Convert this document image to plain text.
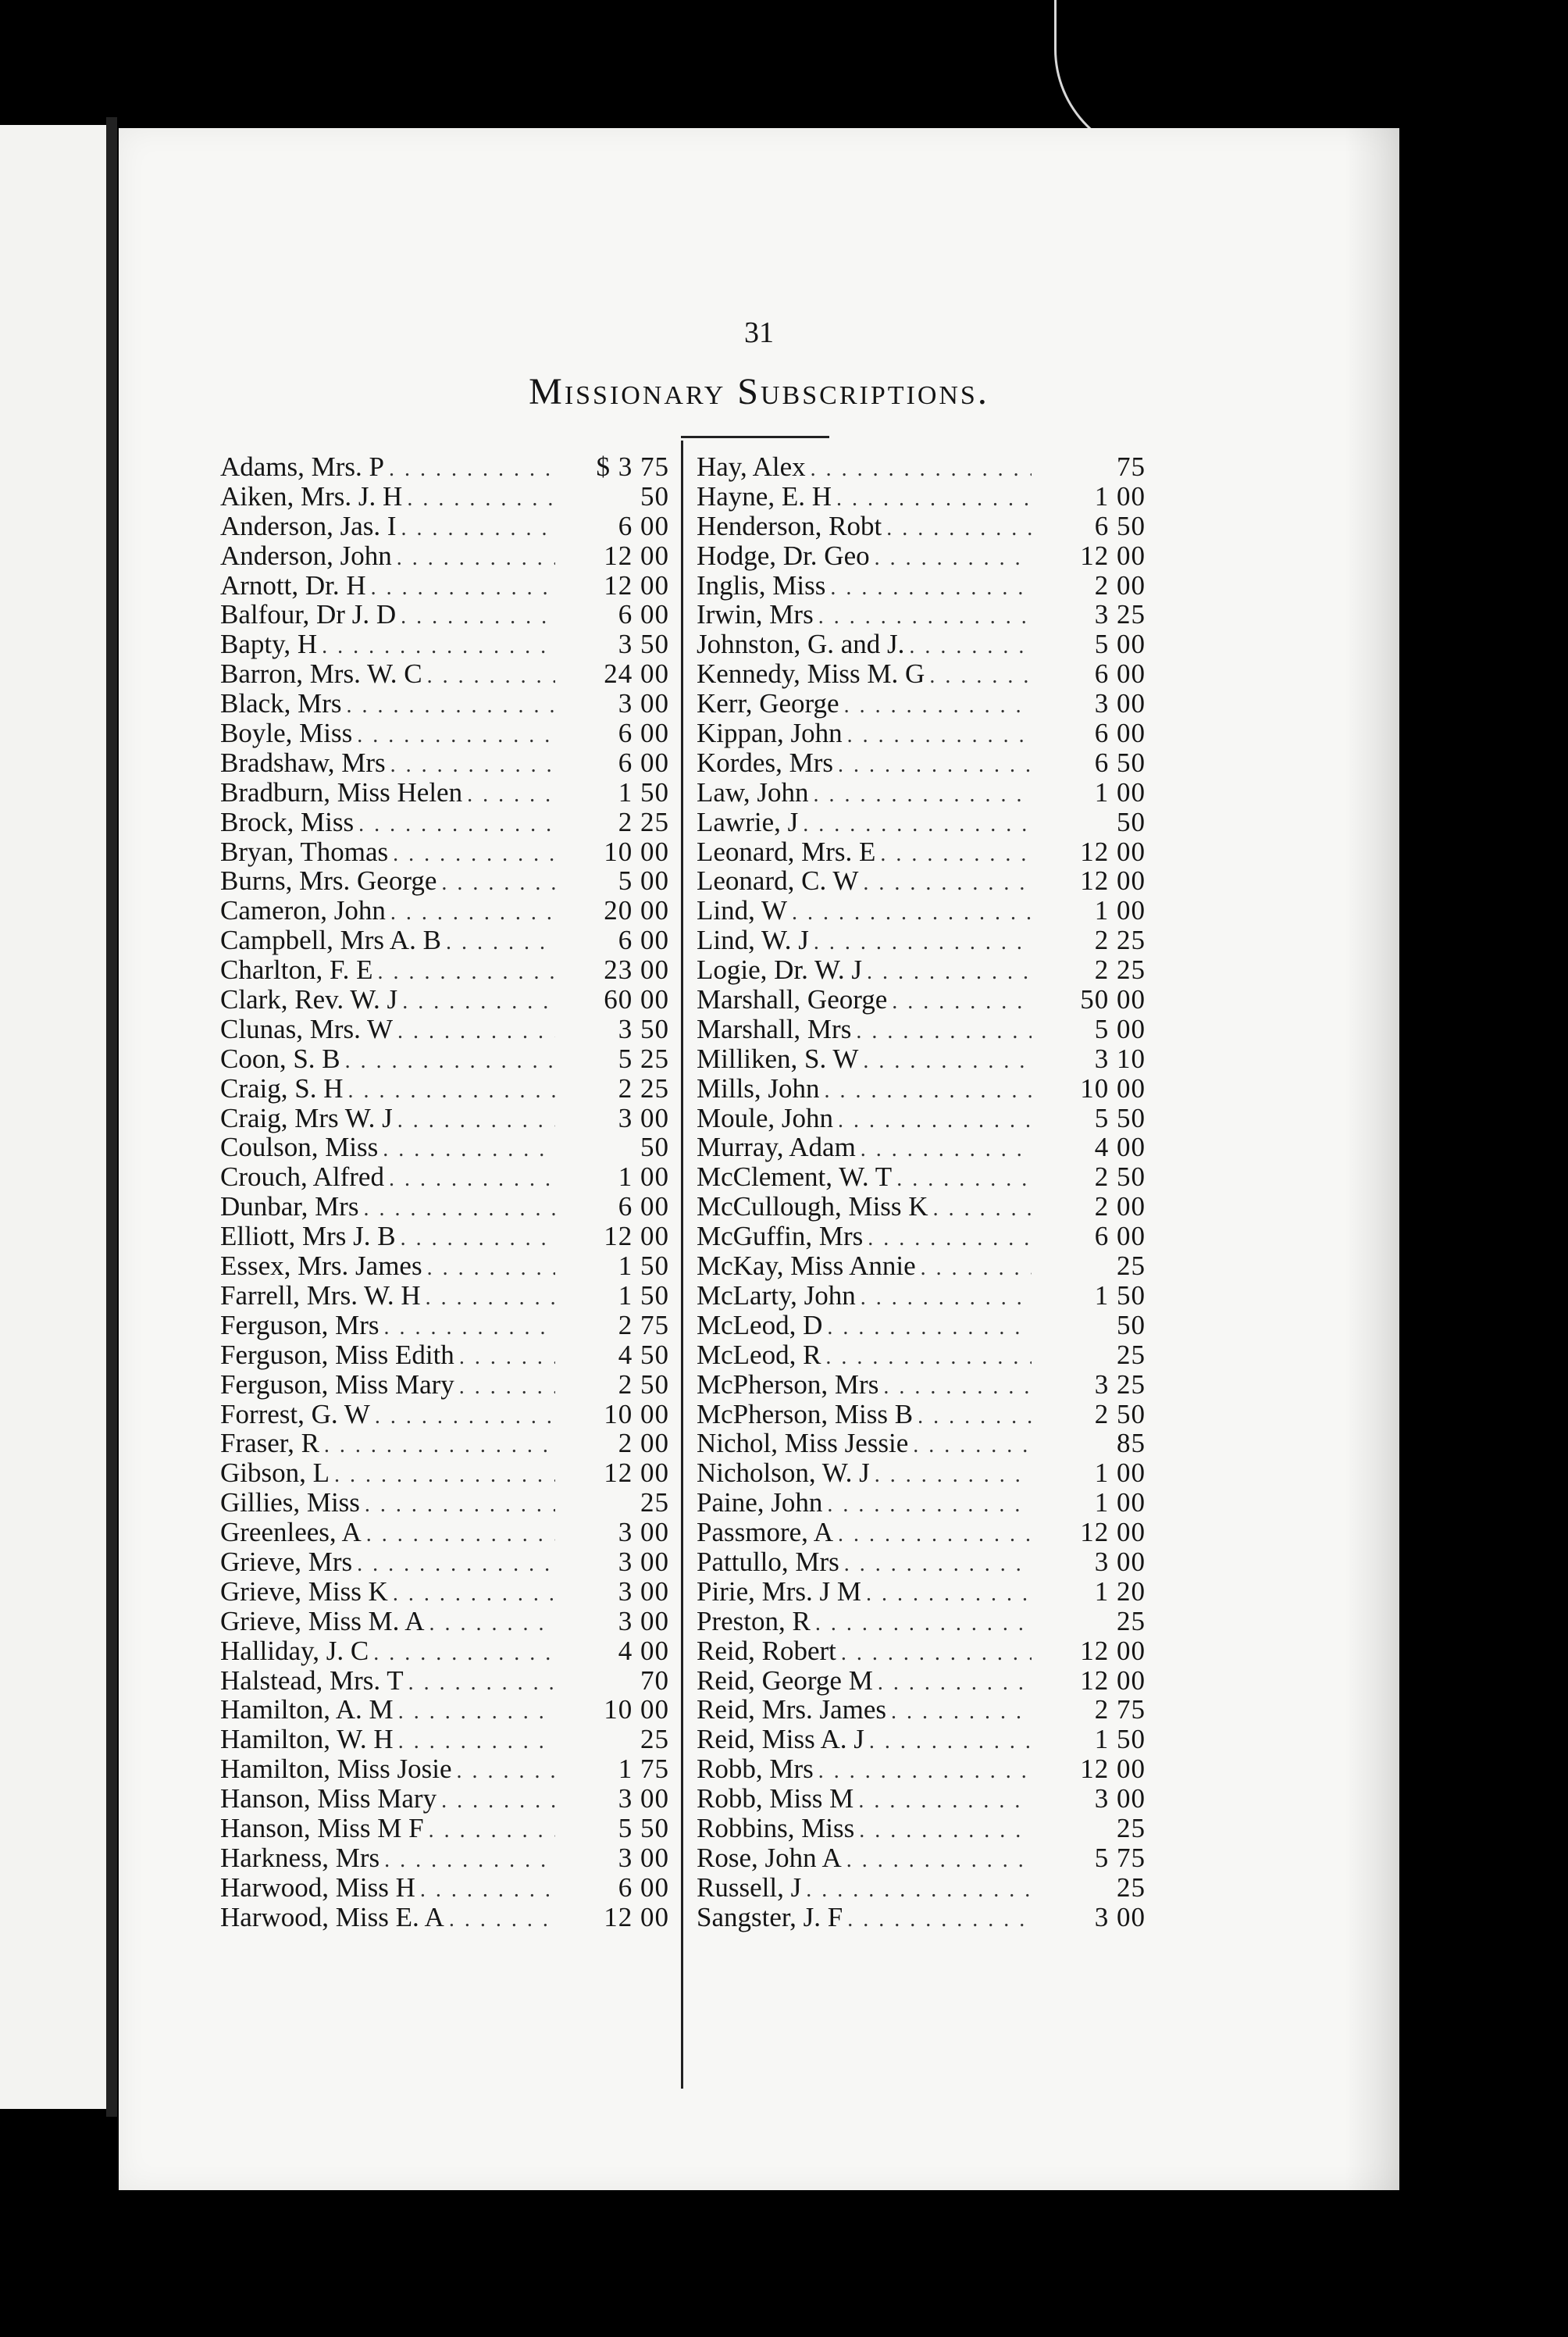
31
Missionary Subscriptions.
Adams, Mrs. P . . .	$ 3 75
Aiken, Mrs. J. H . . .	50
Anderson, Jas. I . . .	6 00
Anderson, John . . .	12 00
Arnott, Dr. H . . .	12 00
Balfour, Dr J. D . . .	6 00
Bapty, H . . .	3 50
Barron, Mrs. W. C . . .	24 00
Black, Mrs . . .	3 00
Boyle, Miss . . .	6 00
Bradshaw, Mrs . . .	6 00
Bradburn, Miss Helen . . .	1 50
Brock, Miss . . .	2 25
Bryan, Thomas . . .	10 00
Burns, Mrs. George . . .	5 00
Cameron, John . . .	20 00
Campbell, Mrs A. B . . .	6 00
Charlton, F. E . . .	23 00
Clark, Rev. W. J . . .	60 00
Clunas, Mrs. W . . .	3 50
Coon, S. B . . .	5 25
Craig, S. H . . .	2 25
Craig, Mrs W. J . . .	3 00
Coulson, Miss . . .	50
Crouch, Alfred . . .	1 00
Dunbar, Mrs . . .	6 00
Elliott, Mrs J. B . . .	12 00
Essex, Mrs. James . . .	1 50
Farrell, Mrs. W. H . . .	1 50
Ferguson, Mrs . . .	2 75
Ferguson, Miss Edith . . .	4 50
Ferguson, Miss Mary . . .	2 50
Forrest, G. W . . .	10 00
Fraser, R . . .	2 00
Gibson, L . . .	12 00
Gillies, Miss . . .	25
Greenlees, A . . .	3 00
Grieve, Mrs . . .	3 00
Grieve, Miss K . . .	3 00
Grieve, Miss M. A . . .	3 00
Halliday, J. C . . .	4 00
Halstead, Mrs. T . . .	70
Hamilton, A. M . . .	10 00
Hamilton, W. H . . .	25
Hamilton, Miss Josie . . .	1 75
Hanson, Miss Mary . . .	3 00
Hanson, Miss M F . . .	5 50
Harkness, Mrs . . .	3 00
Harwood, Miss H . . .	6 00
Harwood, Miss E. A . . .	12 00
Hay, Alex . . .	75
Hayne, E. H . . .	1 00
Henderson, Robt . . .	6 50
Hodge, Dr. Geo . . .	12 00
Inglis, Miss . . .	2 00
Irwin, Mrs . . .	3 25
Johnston, G. and J. . . .	5 00
Kennedy, Miss M. G . . .	6 00
Kerr, George . . .	3 00
Kippan, John . . .	6 00
Kordes, Mrs . . .	6 50
Law, John . . .	1 00
Lawrie, J . . .	50
Leonard, Mrs. E . . .	12 00
Leonard, C. W . . .	12 00
Lind, W . . .	1 00
Lind, W. J . . .	2 25
Logie, Dr. W. J . . .	2 25
Marshall, George . . .	50 00
Marshall, Mrs . . .	5 00
Milliken, S. W . . .	3 10
Mills, John . . .	10 00
Moule, John . . .	5 50
Murray, Adam . . .	4 00
McClement, W. T . . .	2 50
McCullough, Miss K . . .	2 00
McGuffin, Mrs . . .	6 00
McKay, Miss Annie . . .	25
McLarty, John . . .	1 50
McLeod, D . . .	50
McLeod, R . . .	25
McPherson, Mrs . . .	3 25
McPherson, Miss B . . .	2 50
Nichol, Miss Jessie . . .	85
Nicholson, W. J . . .	1 00
Paine, John . . .	1 00
Passmore, A . . .	12 00
Pattullo, Mrs . . .	3 00
Pirie, Mrs. J M . . .	1 20
Preston, R . . .	25
Reid, Robert . . .	12 00
Reid, George M . . .	12 00
Reid, Mrs. James . . .	2 75
Reid, Miss A. J . . .	1 50
Robb, Mrs . . .	12 00
Robb, Miss M . . .	3 00
Robbins, Miss . . .	25
Rose, John A . . .	5 75
Russell, J . . .	25
Sangster, J. F . . .	3 00
